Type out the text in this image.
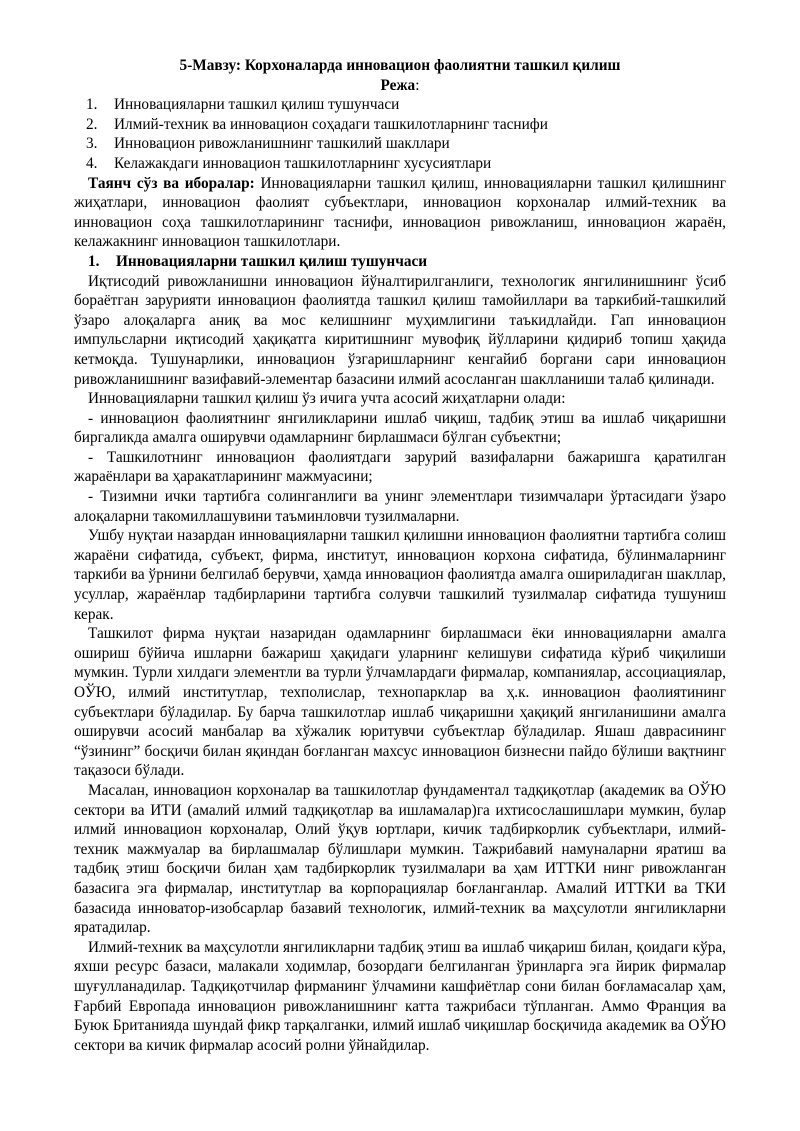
5-Мавзу: Корхоналарда инновацион фаолиятни ташкил қилиш
Режа:
1. Инновацияларни ташкил қилиш тушунчаси
2. Илмий-техник ва инновацион соҳадаги ташкилотларнинг таснифи
3. Инновацион ривожланишнинг ташкилий шакллари
4. Келажакдаги инновацион ташкилотларнинг хусусиятлари

Таянч сўз ва иборалар: Инновацияларни ташкил қилиш, инновацияларни ташкил қилишнинг жиҳатлари, инновацион фаолият субъектлари, инновацион корхоналар илмий-техник ва инновацион соҳа ташкилотларининг таснифи, инновацион ривожланиш, инновацион жараён, келажакнинг инновацион ташкилотлари.

1. Инновацияларни ташкил қилиш тушунчаси

Иқтисодий ривожланишни инновацион йўналтирилганлиги, технологик янгилинишнинг ўсиб бораётган зарурияти инновацион фаолиятда ташкил қилиш тамойиллари ва таркибий-ташкилий ўзаро алоқаларга аниқ ва мос келишнинг муҳимлигини таъкидлайди. Гап инновацион импульсларни иқтисодий ҳақиқатга киритишнинг мувофиқ йўлларини қидириб топиш ҳақида кетмоқда. Тушунарлики, инновацион ўзгаришларнинг кенгайиб боргани сари инновацион ривожланишнинг вазифавий-элементар базасини илмий асосланган шаклланиши талаб қилинади.

Инновацияларни ташкил қилиш ўз ичига учта асосий жиҳатларни олади:

- инновацион фаолиятнинг янгиликларини ишлаб чиқиш, тадбиқ этиш ва ишлаб чиқаришни биргаликда амалга оширувчи одамларнинг бирлашмаси бўлган субъектни;

- Ташкилотнинг инновацион фаолиятдаги зарурий вазифаларни бажаришга қаратилган жараёнлари ва ҳаракатларининг мажмуасини;

- Тизимни ички тартибга солинганлиги ва унинг элементлари тизимчалари ўртасидаги ўзаро алоқаларни такомиллашувини таъминловчи тузилмаларни.

Ушбу нуқтаи назардан инновацияларни ташкил қилишни инновацион фаолиятни тартибга солиш жараёни сифатида, субъект, фирма, институт, инновацион корхона сифатида, бўлинмаларнинг таркиби ва ўрнини белгилаб берувчи, ҳамда инновацион фаолиятда амалга ошириладиган шакллар, усуллар, жараёнлар тадбирларини тартибга солувчи ташкилий тузилмалар сифатида тушуниш керак.

Ташкилот фирма нуқтаи назаридан одамларнинг бирлашмаси ёки инновацияларни амалга ошириш бўйича ишларни бажариш ҳақидаги уларнинг келишуви сифатида кўриб чиқилиши мумкин. Турли хилдаги элементли ва турли ўлчамлардаги фирмалар, компаниялар, ассоциациялар, ОЎЮ, илмий институтлар, техполислар, технопарклар ва ҳ.к. инновацион фаолиятининг субъектлари бўладилар. Бу барча ташкилотлар ишлаб чиқаришни ҳақиқий янгиланишини амалга оширувчи асосий манбалар ва хўжалик юритувчи субъектлар бўладилар. Яшаш даврасининг “ўзининг” босқичи билан яқиндан боғланган махсус инновацион бизнесни пайдо бўлиши вақтнинг тақазоси бўлади.

Масалан, инновацион корхоналар ва ташкилотлар фундаментал тадқиқотлар (академик ва ОЎЮ сектори ва ИТИ (амалий илмий тадқиқотлар ва ишламалар)га ихтисослашишлари мумкин, булар илмий инновацион корхоналар, Олий ўқув юртлари, кичик тадбиркорлик субъектлари, илмий-техник мажмуалар ва бирлашмалар бўлишлари мумкин. Тажрибавий намуналарни яратиш ва тадбиқ этиш босқичи билан ҳам тадбиркорлик тузилмалари ва ҳам ИТТКИ нинг ривожланган базасига эга фирмалар, институтлар ва корпорациялар боғланганлар. Амалий ИТТКИ ва ТКИ базасида инноватор-изобсарлар базавий технологик, илмий-техник ва маҳсулотли янгиликларни яратадилар.

Илмий-техник ва маҳсулотли янгиликларни тадбиқ этиш ва ишлаб чиқариш билан, қоидаги кўра, яхши ресурс базаси, малакали ходимлар, бозордаги белгиланган ўринларга эга йирик фирмалар шуғулланадилар. Тадқиқотчилар фирманинг ўлчамини кашфиётлар сони билан боғламасалар ҳам, Ғарбий Европада инновацион ривожланишнинг катта тажрибаси тўпланган. Аммо Франция ва Буюк Британияда шундай фикр тарқалганки, илмий ишлаб чиқишлар босқичида академик ва ОЎЮ сектори ва кичик фирмалар асосий ролни ўйнайдилар.
